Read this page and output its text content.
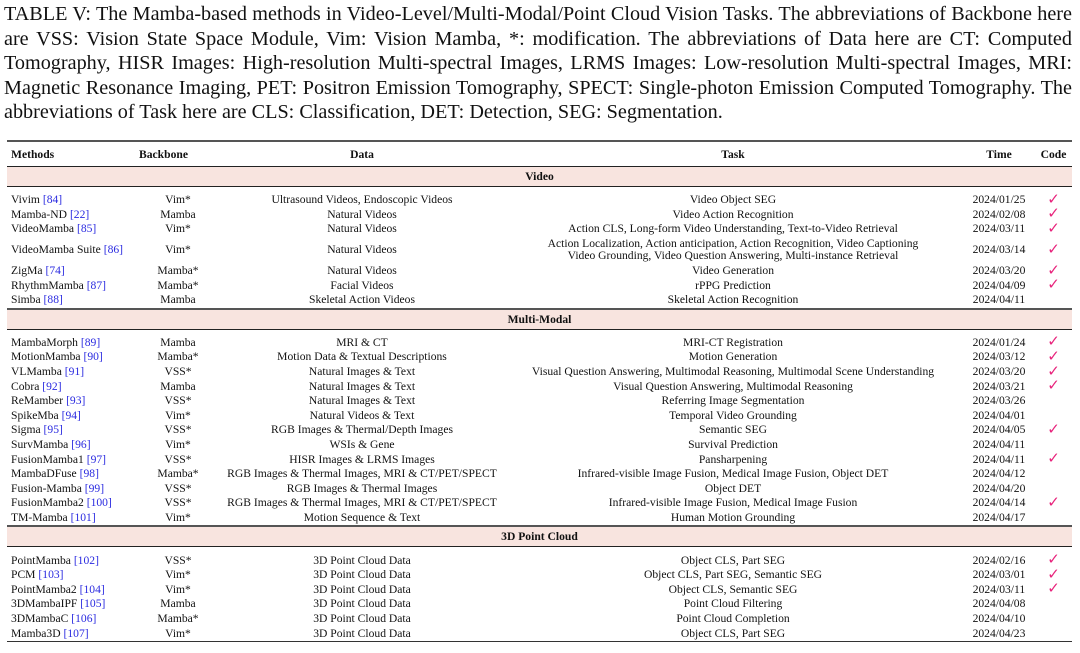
TABLE V: The Mamba-based methods in Video-Level/Multi-Modal/Point Cloud Vision Tasks. The abbreviations of Backbone here are VSS: Vision State Space Module, Vim: Vision Mamba, *: modification. The abbreviations of Data here are CT: Computed Tomography, HISR Images: High-resolution Multi-spectral Images, LRMS Images: Low-resolution Multi-spectral Images, MRI: Magnetic Resonance Imaging, PET: Positron Emission Tomography, SPECT: Single-photon Emission Computed Tomography. The abbreviations of Task here are CLS: Classification, DET: Detection, SEG: Segmentation.
Methods	Backbone	Data	Task	Time	Code
Video					

Vivim [84]	Vim*	Ultrasound Videos, Endoscopic Videos	Video Object SEG	2024/01/25	✓
Mamba-ND [22]	Mamba	Natural Videos	Video Action Recognition	2024/02/08	✓
VideoMamba [85]	Vim*	Natural Videos	Action CLS, Long-form Video Understanding, Text-to-Video Retrieval	2024/03/11	✓
VideoMamba Suite [86]	Vim*	Natural Videos	Action Localization, Action anticipation, Action Recognition, Video Captioning
Video Grounding, Video Question Answering, Multi-instance Retrieval	2024/03/14	✓
ZigMa [74]	Mamba*	Natural Videos	Video Generation	2024/03/20	✓
RhythmMamba [87]	Mamba*	Facial Videos	rPPG Prediction	2024/04/09	✓
Simba [88]	Mamba	Skeletal Action Videos	Skeletal Action Recognition	2024/04/11	
Multi-Modal					

MambaMorph [89]	Mamba	MRI & CT	MRI-CT Registration	2024/01/24	✓
MotionMamba [90]	Mamba*	Motion Data & Textual Descriptions	Motion Generation	2024/03/12	✓
VLMamba [91]	VSS*	Natural Images & Text	Visual Question Answering, Multimodal Reasoning, Multimodal Scene Understanding	2024/03/20	✓
Cobra [92]	Mamba	Natural Images & Text	Visual Question Answering, Multimodal Reasoning	2024/03/21	✓
ReMamber [93]	VSS*	Natural Images & Text	Referring Image Segmentation	2024/03/26	
SpikeMba [94]	Vim*	Natural Videos & Text	Temporal Video Grounding	2024/04/01	
Sigma [95]	VSS*	RGB Images & Thermal/Depth Images	Semantic SEG	2024/04/05	✓
SurvMamba [96]	Vim*	WSIs & Gene	Survival Prediction	2024/04/11	
FusionMamba1 [97]	VSS*	HISR Images & LRMS Images	Pansharpening	2024/04/11	✓
MambaDFuse [98]	Mamba*	RGB Images & Thermal Images, MRI & CT/PET/SPECT	Infrared-visible Image Fusion, Medical Image Fusion, Object DET	2024/04/12	
Fusion-Mamba [99]	VSS*	RGB Images & Thermal Images	Object DET	2024/04/20	
FusionMamba2 [100]	VSS*	RGB Images & Thermal Images, MRI & CT/PET/SPECT	Infrared-visible Image Fusion, Medical Image Fusion	2024/04/14	✓
TM-Mamba [101]	Vim*	Motion Sequence & Text	Human Motion Grounding	2024/04/17	
3D Point Cloud					

PointMamba [102]	VSS*	3D Point Cloud Data	Object CLS, Part SEG	2024/02/16	✓
PCM [103]	Vim*	3D Point Cloud Data	Object CLS, Part SEG, Semantic SEG	2024/03/01	✓
PointMamba2 [104]	Vim*	3D Point Cloud Data	Object CLS, Semantic SEG	2024/03/11	✓
3DMambaIPF [105]	Mamba	3D Point Cloud Data	Point Cloud Filtering	2024/04/08	
3DMambaC [106]	Mamba*	3D Point Cloud Data	Point Cloud Completion	2024/04/10	
Mamba3D [107]	Vim*	3D Point Cloud Data	Object CLS, Part SEG	2024/04/23	
